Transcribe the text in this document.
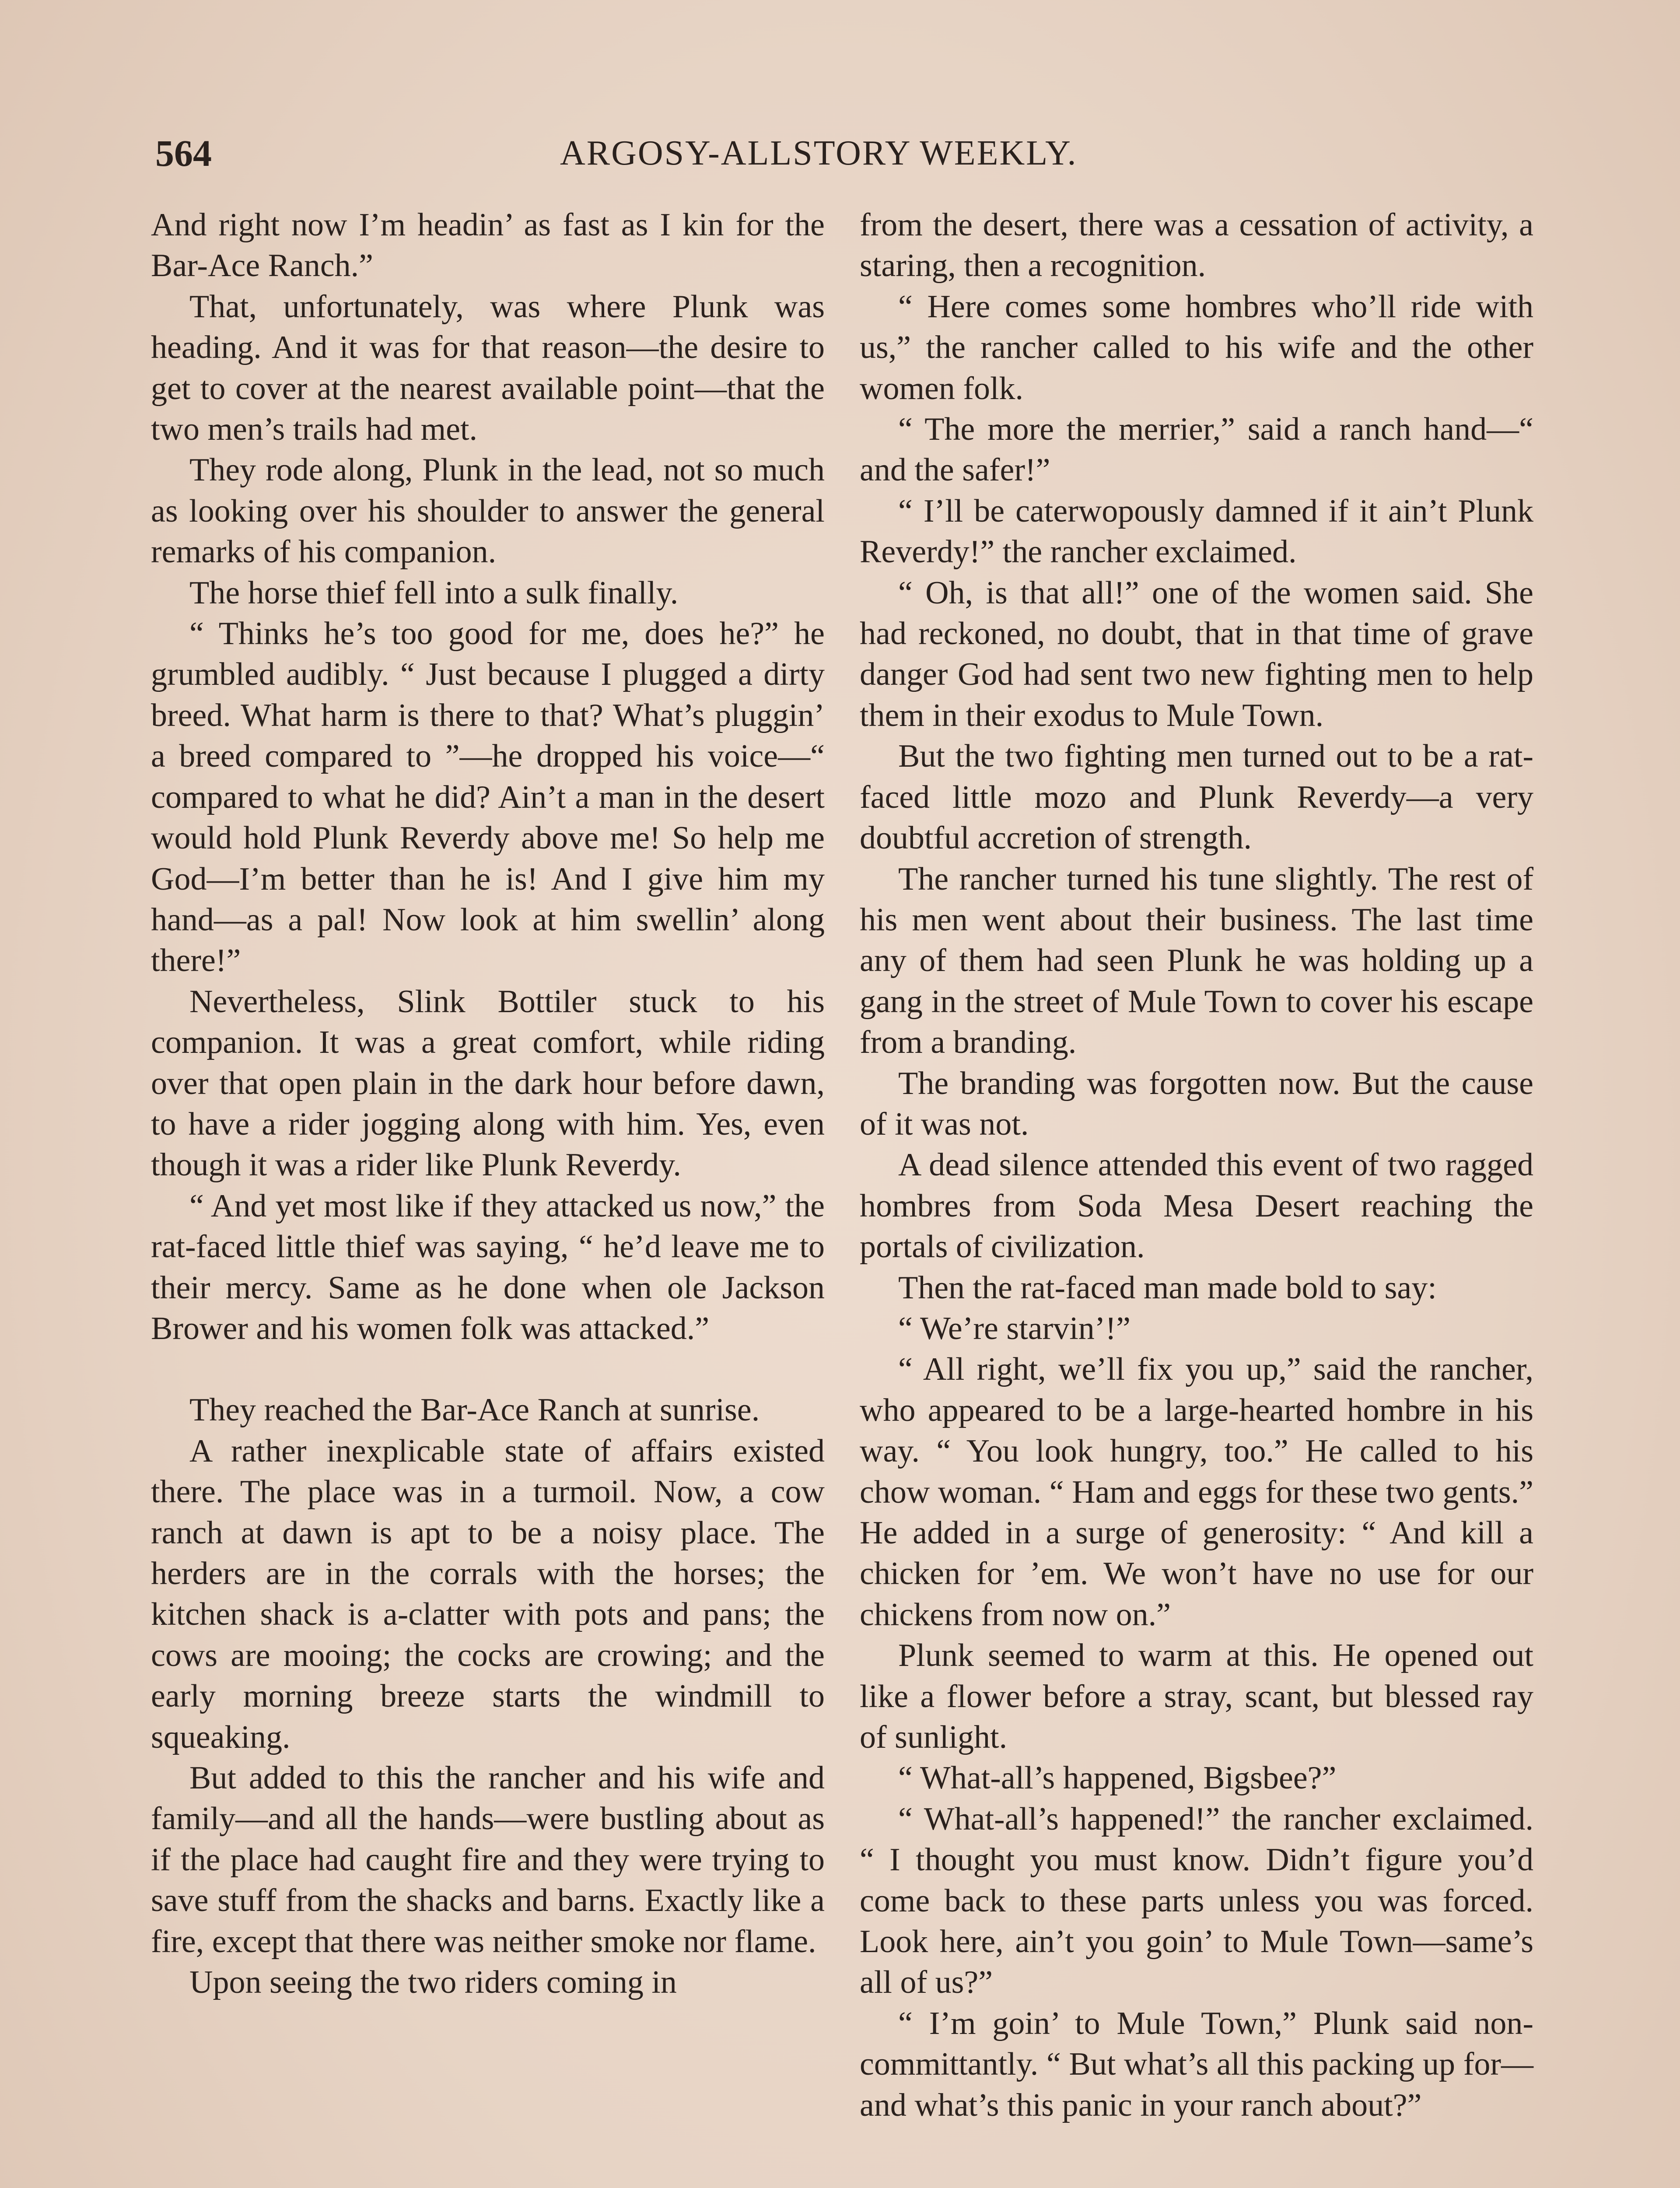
564	ARGOSY-ALLSTORY WEEKLY.

And right now I’m headin’ as fast as I kin for the Bar-Ace Ranch.”

That, unfortunately, was where Plunk was heading. And it was for that reason—the desire to get to cover at the nearest available point—that the two men’s trails had met.

They rode along, Plunk in the lead, not so much as looking over his shoulder to answer the general remarks of his companion.

The horse thief fell into a sulk finally.

“ Thinks he’s too good for me, does he?” he grumbled audibly. “ Just because I plugged a dirty breed. What harm is there to that? What’s pluggin’ a breed compared to ”—he dropped his voice—“ compared to what he did? Ain’t a man in the desert would hold Plunk Reverdy above me! So help me God—I’m better than he is! And I give him my hand—as a pal! Now look at him swellin’ along there!”

Nevertheless, Slink Bottiler stuck to his companion. It was a great comfort, while riding over that open plain in the dark hour before dawn, to have a rider jogging along with him. Yes, even though it was a rider like Plunk Reverdy.

“ And yet most like if they attacked us now,” the rat-faced little thief was saying, “ he’d leave me to their mercy. Same as he done when ole Jackson Brower and his women folk was attacked.”

They reached the Bar-Ace Ranch at sunrise.

A rather inexplicable state of affairs existed there. The place was in a turmoil. Now, a cow ranch at dawn is apt to be a noisy place. The herders are in the corrals with the horses; the kitchen shack is a-clatter with pots and pans; the cows are mooing; the cocks are crowing; and the early morning breeze starts the windmill to squeaking.

But added to this the rancher and his wife and family—and all the hands—were bustling about as if the place had caught fire and they were trying to save stuff from the shacks and barns. Exactly like a fire, except that there was neither smoke nor flame.

Upon seeing the two riders coming in

from the desert, there was a cessation of activity, a staring, then a recognition.

“ Here comes some hombres who’ll ride with us,” the rancher called to his wife and the other women folk.

“ The more the merrier,” said a ranch hand—“ and the safer!”

“ I’ll be caterwopously damned if it ain’t Plunk Reverdy!” the rancher exclaimed.

“ Oh, is that all!” one of the women said. She had reckoned, no doubt, that in that time of grave danger God had sent two new fighting men to help them in their exodus to Mule Town.

But the two fighting men turned out to be a rat-faced little mozo and Plunk Reverdy—a very doubtful accretion of strength.

The rancher turned his tune slightly. The rest of his men went about their business. The last time any of them had seen Plunk he was holding up a gang in the street of Mule Town to cover his escape from a branding.

The branding was forgotten now. But the cause of it was not.

A dead silence attended this event of two ragged hombres from Soda Mesa Desert reaching the portals of civilization.

Then the rat-faced man made bold to say:

“ We’re starvin’!”

“ All right, we’ll fix you up,” said the rancher, who appeared to be a large-hearted hombre in his way. “ You look hungry, too.” He called to his chow woman. “ Ham and eggs for these two gents.” He added in a surge of generosity: “ And kill a chicken for ’em. We won’t have no use for our chickens from now on.”

Plunk seemed to warm at this. He opened out like a flower before a stray, scant, but blessed ray of sunlight.

“ What-all’s happened, Bigsbee?”

“ What-all’s happened!” the rancher exclaimed. “ I thought you must know. Didn’t figure you’d come back to these parts unless you was forced. Look here, ain’t you goin’ to Mule Town—same’s all of us?”

“ I’m goin’ to Mule Town,” Plunk said non-committantly. “ But what’s all this packing up for—and what’s this panic in your ranch about?”
